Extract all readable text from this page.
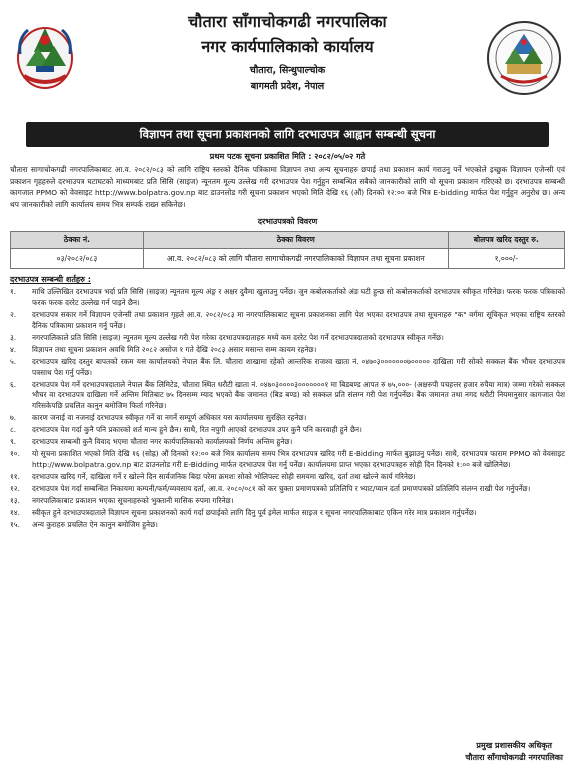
चौतारा साँगाचोकगढी नगरपालिका
नगर कार्यपालिकाको कार्यालय
चौतारा, सिन्धुपाल्चोक
बागमती प्रदेश, नेपाल
विज्ञापन तथा सूचना प्रकाशनको लागि दरभाउपत्र आह्वान सम्बन्धी सूचना
प्रथम पटक सूचना प्रकाशित मिति : २०८२/०५/०२ गते
चौतारा सागाचोकगढी नगरपालिकाबाट आ.व. २०८२/०८३ को लागि राष्ट्रिय स्तरको दैनिक पत्रिकामा विज्ञापन तथा अन्य सूचनाहरु छपाई तथा प्रकाशन कार्य गराउनु पर्ने भएकोले इच्छुक विज्ञापन एजेन्सी एवं प्रकाशन गृहहरुले दरभाउपत्र घटाघटको माध्यमबाट प्रति सिसि (साइज) न्यूनतम मूल्य उल्लेख गरी दरभाउपत्र पेश गर्नुहुन सम्बन्धित सबैको जानकारीको लागि यो सूचना प्रकाशन गरिएको छ। दरभाउपत्र सम्बन्धी कागजात PPMO को वेवसाइट http://www.bolpatra.gov.np बाट डाउनलोड गरी सूचना प्रकाशन भएको मिति देखि १६ (औं) दिनको १२:०० बजे भित्र E-bidding मार्फत पेश गर्नुहुन अनुरोध छ। अन्य थप जानकारीको लागि कार्यालय समय भित्र सम्पर्क राख्न सकिनेछ।
दरभाउपत्रको विवरण
ठेक्का नं.	ठेक्का विवरण	बोलपत्र खरिद दस्तुर रु.
०३/२०८२/०८३	आ.व. २०८२/०८३ को लागि चौतारा सागाचोकगढी नगरपालिकाको विज्ञापन तथा सूचना प्रकाशन	१,०००/-
दरभाउपत्र सम्बन्धी शर्तहरु :
१.	माथि उल्लिखित दरभाउपत्र भर्दा प्रति सिसि (साइज) न्यूनतम मूल्य अंङ्र र अक्षर दुवैमा खुलाउनु पर्नेछ। जुन कबोलकर्ताको अंङ घटी हुन्छ सो कबोलकर्ताको दरभाउपत्र स्वीकृत गरिनेछ। फरक फरक पत्रिकाको फरक फरक दररेट उल्लेख गर्न पाइने छैन।
२.	दरभाउपत्र सकार गर्ने विज्ञापन एजेन्सी तथा प्रकाशन गृहले आ.व. २०८२/०८३ मा नगरपालिकाबाट सूचना प्रकाशनका लागि पेश भएका दरभाउपत्र तथा सूचनाहरु "क" वर्गमा सूचिकृत भएका राष्ट्रिय स्तरको दैनिक पत्रिकामा प्रकाशन गर्नु पर्नेछ।
३.	नगरपालिकाले प्रति सिसि (साइज) न्यूनतम मूल्य उल्लेख गरी पेश गरेका दरभाउपत्रदाताहरु मध्ये कम दररेट पेश गर्ने दरभाउपत्रदाताको दरभाउपत्र स्वीकृत गर्नेछ।
४.	विज्ञापन तथा सूचना प्रकाशन अवधि मिति २०८२ असोज १ गते देखि २०८३ असार मसान्त सम्म कायम रहनेछ।
५.	दरभाउपत्र खरिद दस्तुर बापतको रकम यस कार्यालयको नेपाल बैंक लि. चौतारा शाखामा रहेको आन्तरिक राजश्व खाता नं. ०४७०३०००००००७००००० दाखिला गरी सोको सक्कल बैंक भौचर दरभाउपत्र पत्रसाथ पेश गर्नु पर्नेछ।
६.	दरभाउपत्र पेश गर्ने दरभाउपत्रदाताले नेपाल बैंक लिमिटेड, चौतारा स्थित धरौटी खाता नं. ०४७०३००००३०००००००१ मा बिडबण्ड आपत रु ७५,०००- (अक्षरुपी पचहत्तर हजार रुपैया मात्र) जम्मा गरेको सक्कल भौचर वा दरभाउपत्र दाखिला गर्ने अन्तिम मितिबाट ७५ दिनसम्म म्याद भएको बैंक जमानत (बिड बण्ड) को सक्कल प्रति संलग्न गरी पेश गर्नुपर्नेछ। बैंक जमानत तथा नगद धरौटी नियमानुसार कागजात पेश गरिसकेपछि प्रचलित कानुन बमोजिम फिर्ता गरिनेछ।
७.	कारण जनाई वा नजनाई दरभाउपत्र स्वीकृत गर्ने वा नगर्ने सम्पूर्ण अधिकार यस कार्यालयमा सुरक्षित रहनेछ।
८.	दरभाउपत्र पेश गर्दा कुनै पनि प्रकारको शर्त मान्य हुने छैन। साथै, रित नपुगी आएको दरभाउपत्र उपर कुनै पनि कारवाही हुने छैन।
९.	दरभाउपत्र सम्बन्धी कुनै विवाद भएमा चौतारा नगर कार्यपालिकाको कार्यालयको निर्णय अन्तिम हुनेछ।
१०.	यो सूचना प्रकाशित भएको मिति देखि १६ (सोह्र) औं दिनको १२:०० बजे भित्र कार्यालय समय भित्र दरभाउपत्र खरिद गरी E-Bidding मार्फत बुझाउनु पर्नेछ। साथै, दरभाउपत्र फाराम PPMO को वेवसाइट http://www.bolpatra.gov.np बाट डाउनलोड गरी E-Bidding मार्फत दरभाउपत्र पेश गर्नु पर्नेछ। कार्यालयमा प्राप्त भएका दरभाउपत्रहरु सोही दिन दिनको १:०० बजे खोलिनेछ।
११.	दरभाउपत्र खरिद गर्ने, दाखिला गर्ने र खोल्ने दिन सार्वजनिक बिदा परेमा क्रमशः सोको भोलिपल्ट सोही समयमा खरिद, दर्ता तथा खोल्ने कार्य गरिनेछ।
१२.	दरभाउपत्र पेश गर्दा सम्बन्धित निकायमा कम्पनी/फर्म/व्यवसाय दर्ता, आ.व. २०८०/०८१ को कर चुक्ता प्रमाणपत्रको प्रतिलिपि र भ्याट/प्यान दर्ता प्रमाणपत्रको प्रतिलिपि संलग्न राखी पेश गर्नुपर्नेछ।
१३.	नगरपालिकाबाट प्रकाशन भएका सूचनाहरुको भुक्तानी मासिक रुपमा गरिनेछ।
१४.	स्वीकृत हुने दरभाउपत्रदाताले विज्ञापन सूचना प्रकाशनको कार्य गर्दा छपाईको लागि दिनु पूर्व इमेल मार्फत साइज र सूचना नगरपालिकाबाट एकिन गरेर मात्र प्रकाशन गर्नुपर्नेछ।
१५.	अन्य कुराहरु प्रचलित ऐन कानुन बमोजिम हुनेछ।
प्रमुख प्रशासकीय अधिकृत
चौतारा साँगाचोकगढी नगरपालिका
